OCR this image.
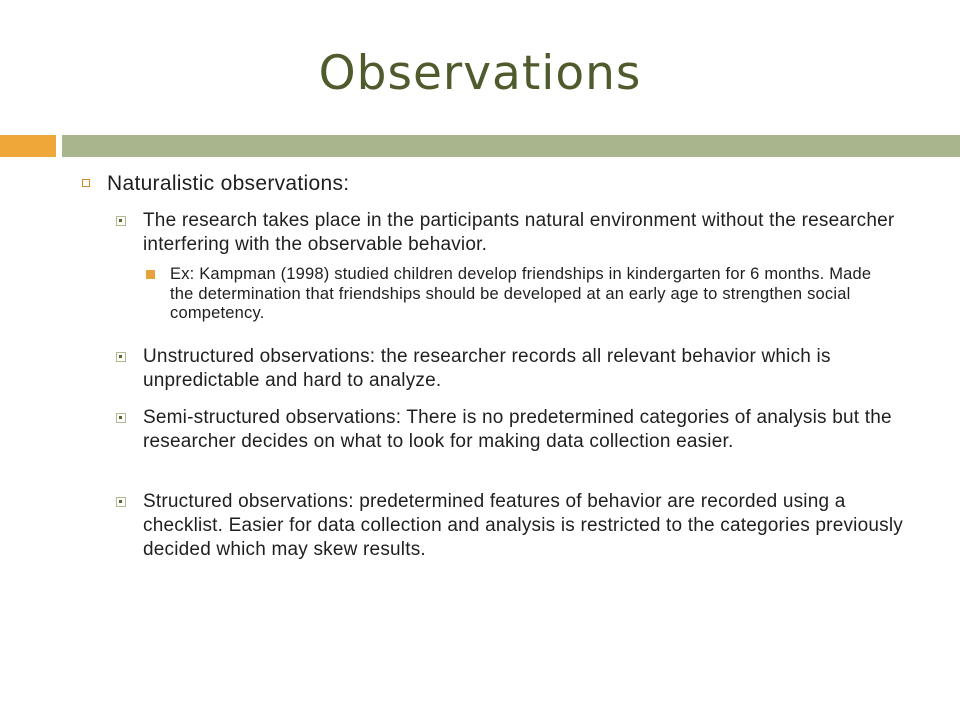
Observations
Naturalistic observations:
The research takes place in the participants natural environment without the researcher interfering with the observable behavior.
Ex: Kampman (1998) studied children develop friendships in kindergarten for 6 months. Made the determination that friendships should be developed at an early age to strengthen social competency.
Unstructured observations: the researcher records all relevant behavior which is unpredictable and hard to analyze.
Semi-structured observations: There is no predetermined categories of analysis but the researcher decides on what to look for making data collection easier.
Structured observations: predetermined features of behavior are recorded using a checklist. Easier for data collection and analysis is restricted to the categories previously decided which may skew results.
